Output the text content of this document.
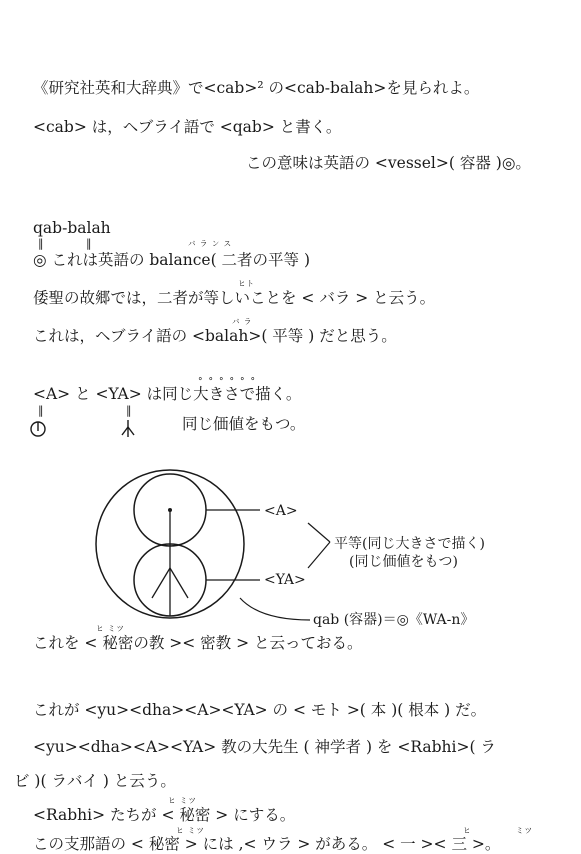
《研究社英和大辞典》で<cab>² の<cab-balah>を見られよ。
<cab> は，ヘブライ語で <qab> と書く。
この意味は英語の <vessel>( 容器 )◎。
qab-balah
‖	‖	バ ラ ン ス
◎ これは英語の balance( 二者の平等 )
ヒト
倭聖の故郷では，二者が等しいことを < バラ > と云う。
バ ラ
これは，ヘブライ語の <balah>( 平等 ) だと思う。
°°°°°°
<A> と <YA> は同じ大きさで描く。
‖	‖
同じ価値をもつ。
<A>
<YA>
平等(同じ大きさで描く)
(同じ価値をもつ)
qab (容器)＝◎《WA-n》
ヒ ミツ
これを < 秘密の教 >< 密教 > と云っておる。
これが <yu><dha><A><YA> の < モト >( 本 )( 根本 ) だ。
<yu><dha><A><YA> 教の大先生 ( 神学者 ) を <Rabhi>( ラ
ビ )( ラバイ ) と云う。
ヒ ミツ
<Rabhi> たちが < 秘密 > にする。
ヒ ミツ	ヒ	ミツ
この支那語の < 秘密 > には ,< ウラ > がある。 < 一 >< 三 >。
